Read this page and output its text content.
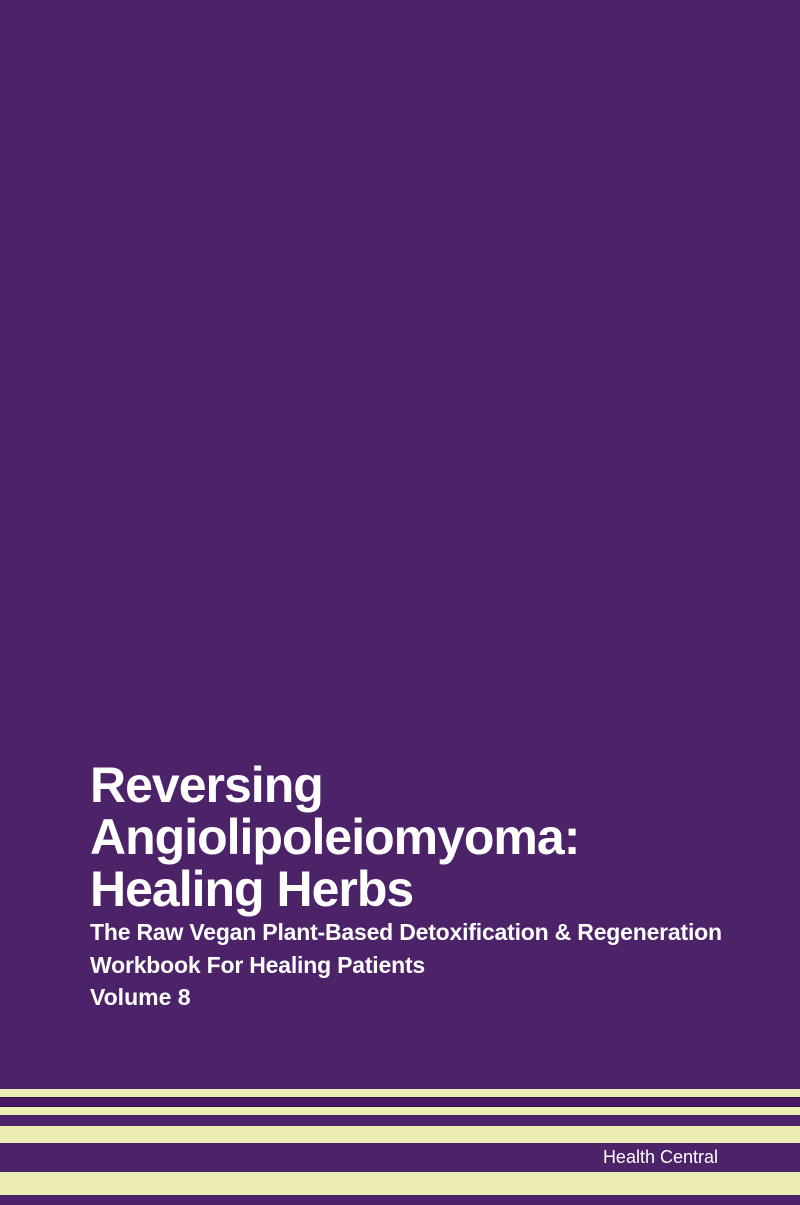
Reversing
Angiolipoleiomyoma:
Healing Herbs
The Raw Vegan Plant-Based Detoxification & Regeneration
Workbook For Healing Patients
Volume 8
Health Central
